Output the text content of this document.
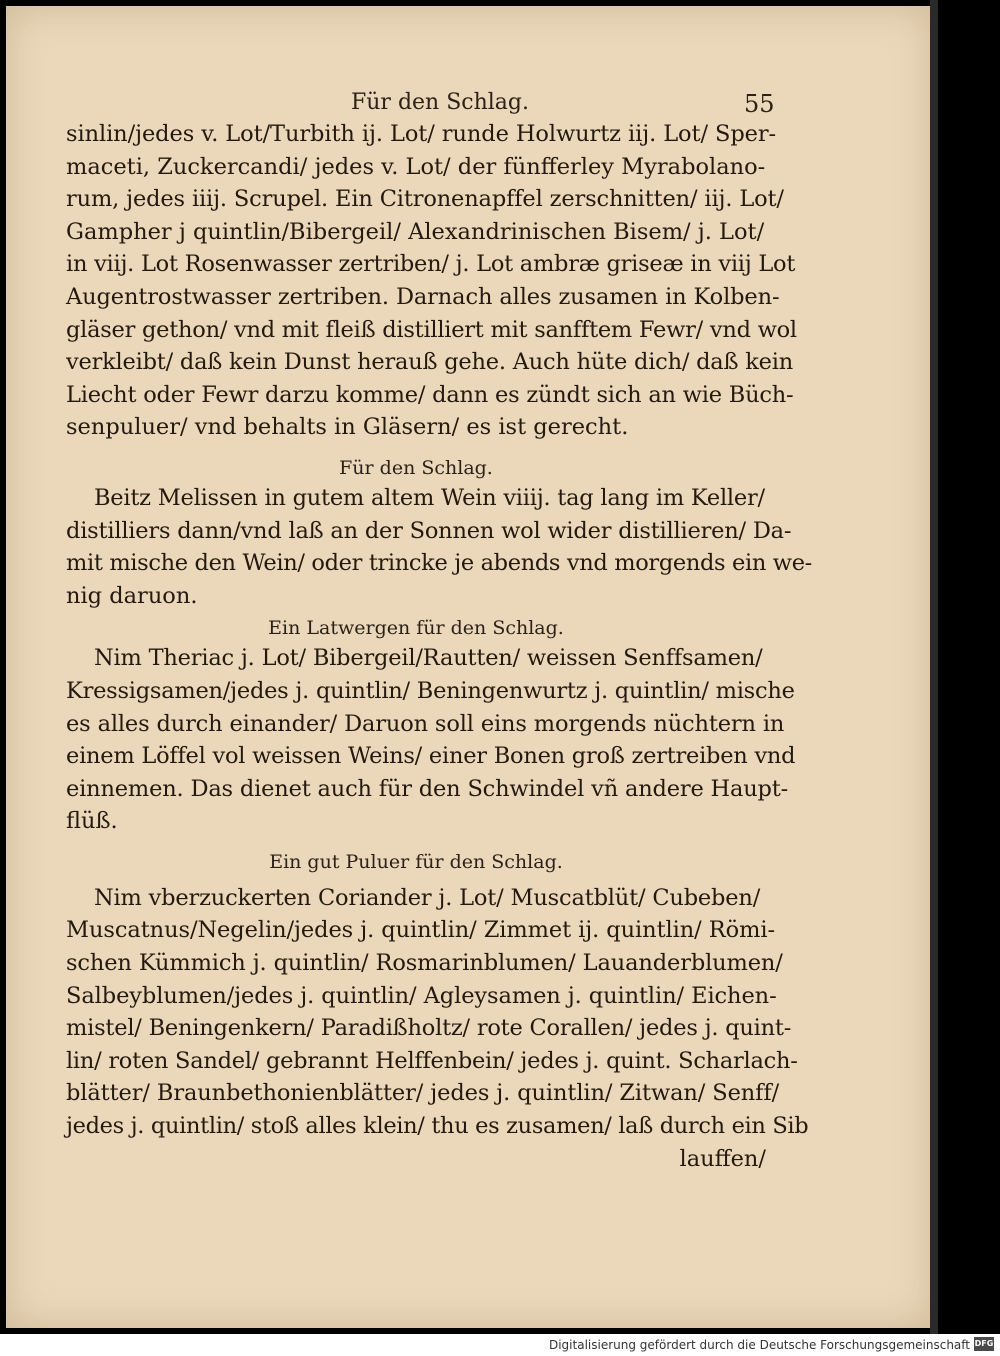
Für den Schlag.	55

sinlin/jedes v. Lot/Turbith ij. Lot/ runde Holwurtz iij. Lot/ Sper-
maceti, Zuckercandi/ jedes v. Lot/ der fünfferley Myrabolano-
rum, jedes iiij. Scrupel. Ein Citronenapffel zerschnitten/ iij. Lot/
Gampher j quintlin/Bibergeil/ Alexandrinischen Bisem/ j. Lot/
in viij. Lot Rosenwasser zertriben/ j. Lot ambræ griseæ in viij Lot
Augentrostwasser zertriben. Darnach alles zusamen in Kolben-
gläser gethon/ vnd mit fleiß distilliert mit sanfftem Fewr/ vnd wol
verkleibt/ daß kein Dunst herauß gehe. Auch hüte dich/ daß kein
Liecht oder Fewr darzu komme/ dann es zündt sich an wie Büch-
senpuluer/ vnd behalts in Gläsern/ es ist gerecht.

Für den Schlag.

Beitz Melissen in gutem altem Wein viiij. tag lang im Keller/
distilliers dann/vnd laß an der Sonnen wol wider distillieren/ Da-
mit mische den Wein/ oder trincke je abends vnd morgends ein we-
nig daruon.

Ein Latwergen für den Schlag.

Nim Theriac j. Lot/ Bibergeil/Rautten/ weissen Senffsamen/
Kressigsamen/jedes j. quintlin/ Beningenwurtz j. quintlin/ mische
es alles durch einander/ Daruon soll eins morgends nüchtern in
einem Löffel vol weissen Weins/ einer Bonen groß zertreiben vnd
einnemen. Das dienet auch für den Schwindel vñ andere Haupt-
flüß.

Ein gut Puluer für den Schlag.

Nim vberzuckerten Coriander j. Lot/ Muscatblüt/ Cubeben/
Muscatnus/Negelin/jedes j. quintlin/ Zimmet ij. quintlin/ Römi-
schen Kümmich j. quintlin/ Rosmarinblumen/ Lauanderblumen/
Salbeyblumen/jedes j. quintlin/ Agleysamen j. quintlin/ Eichen-
mistel/ Beningenkern/ Paradißholtz/ rote Corallen/ jedes j. quint-
lin/ roten Sandel/ gebrannt Helffenbein/ jedes j. quint. Scharlach-
blätter/ Braunbethonienblätter/ jedes j. quintlin/ Zitwan/ Senff/
jedes j. quintlin/ stoß alles klein/ thu es zusamen/ laß durch ein Sib
lauffen/

Digitalisierung gefördert durch die Deutsche Forschungsgemeinschaft DFG
